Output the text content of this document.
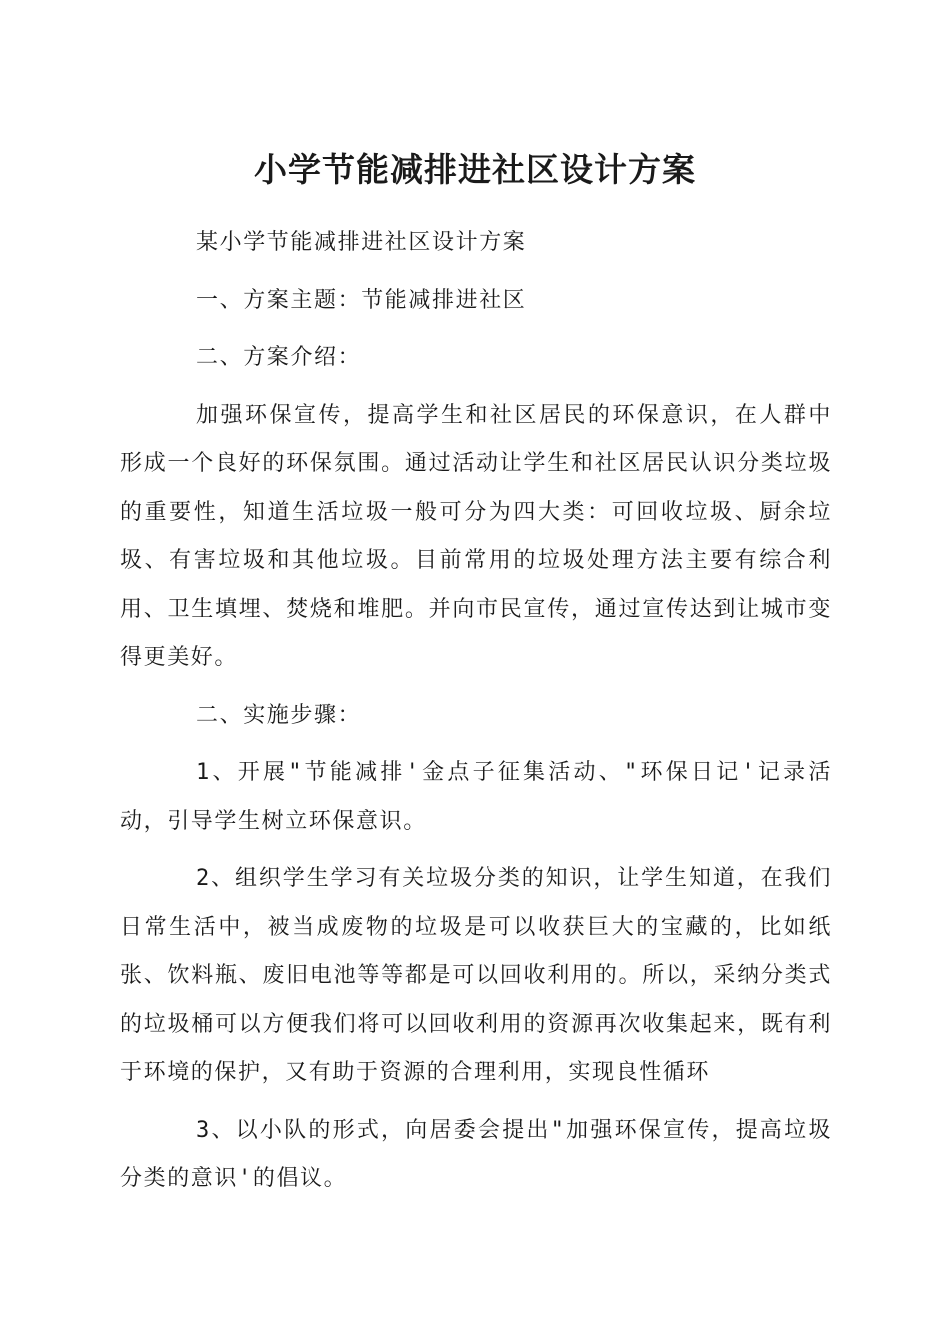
小学节能减排进社区设计方案

某小学节能减排进社区设计方案

一、方案主题：节能减排进社区

二、方案介绍：

加强环保宣传，提高学生和社区居民的环保意识，在人群中形成一个良好的环保氛围。通过活动让学生和社区居民认识分类垃圾的重要性，知道生活垃圾一般可分为四大类：可回收垃圾、厨余垃圾、有害垃圾和其他垃圾。目前常用的垃圾处理方法主要有综合利用、卫生填埋、焚烧和堆肥。并向市民宣传，通过宣传达到让城市变得更美好。

二、实施步骤：

1、开展"节能减排'金点子征集活动、"环保日记'记录活动，引导学生树立环保意识。

2、组织学生学习有关垃圾分类的知识，让学生知道，在我们日常生活中，被当成废物的垃圾是可以收获巨大的宝藏的，比如纸张、饮料瓶、废旧电池等等都是可以回收利用的。所以，采纳分类式的垃圾桶可以方便我们将可以回收利用的资源再次收集起来，既有利于环境的保护，又有助于资源的合理利用，实现良性循环

3、以小队的形式，向居委会提出"加强环保宣传，提高垃圾分类的意识'的倡议。
